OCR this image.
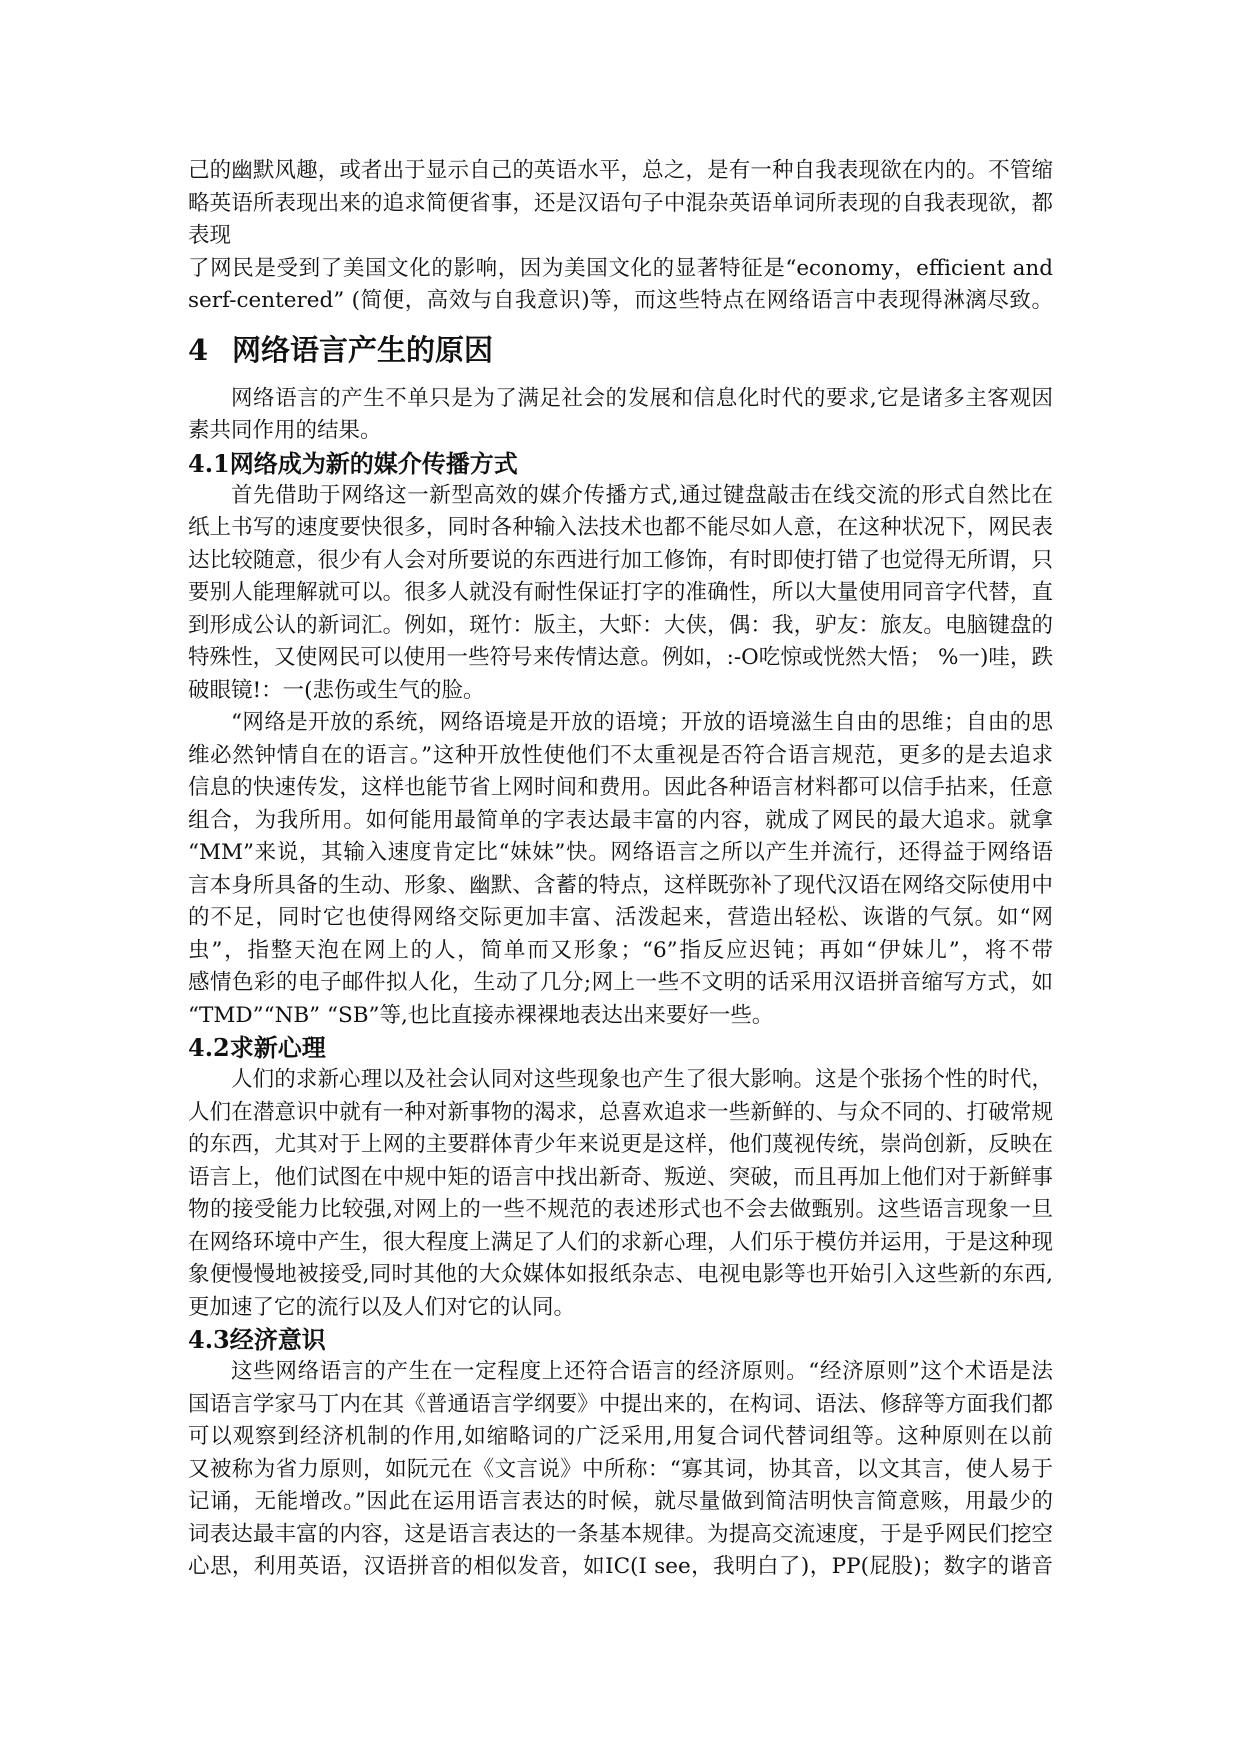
己的幽默风趣，或者出于显示自己的英语水平，总之，是有一种自我表现欲在内的。不管缩
略英语所表现出来的追求简便省事，还是汉语句子中混杂英语单词所表现的自我表现欲，都
表现
了网民是受到了美国文化的影响，因为美国文化的显著特征是“economy，efficient and
serf-centered” (简便，高效与自我意识)等，而这些特点在网络语言中表现得淋漓尽致。
4 网络语言产生的原因
网络语言的产生不单只是为了满足社会的发展和信息化时代的要求,它是诸多主客观因
素共同作用的结果。
4.1网络成为新的媒介传播方式
首先借助于网络这一新型高效的媒介传播方式,通过键盘敲击在线交流的形式自然比在
纸上书写的速度要快很多，同时各种输入法技术也都不能尽如人意，在这种状况下，网民表
达比较随意，很少有人会对所要说的东西进行加工修饰，有时即使打错了也觉得无所谓，只
要别人能理解就可以。很多人就没有耐性保证打字的准确性，所以大量使用同音字代替，直
到形成公认的新词汇。例如，斑竹：版主，大虾：大侠，偶：我，驴友：旅友。电脑键盘的
特殊性，又使网民可以使用一些符号来传情达意。例如，:-O吃惊或恍然大悟； %一)哇，跌
破眼镜!：一(悲伤或生气的脸。
“网络是开放的系统，网络语境是开放的语境；开放的语境滋生自由的思维；自由的思
维必然钟情自在的语言。”这种开放性使他们不太重视是否符合语言规范，更多的是去追求
信息的快速传发，这样也能节省上网时间和费用。因此各种语言材料都可以信手拈来，任意
组合，为我所用。如何能用最简单的字表达最丰富的内容，就成了网民的最大追求。就拿
“MM”来说，其输入速度肯定比“妹妹”快。网络语言之所以产生并流行，还得益于网络语
言本身所具备的生动、形象、幽默、含蓄的特点，这样既弥补了现代汉语在网络交际使用中
的不足，同时它也使得网络交际更加丰富、活泼起来，营造出轻松、诙谐的气氛。如“网
虫”，指整天泡在网上的人，简单而又形象；“6”指反应迟钝；再如“伊妹儿”，将不带
感情色彩的电子邮件拟人化，生动了几分;网上一些不文明的话采用汉语拼音缩写方式，如
“TMD”“NB” “SB”等,也比直接赤裸裸地表达出来要好一些。
4.2求新心理
人们的求新心理以及社会认同对这些现象也产生了很大影响。这是个张扬个性的时代，
人们在潜意识中就有一种对新事物的渴求，总喜欢追求一些新鲜的、与众不同的、打破常规
的东西，尤其对于上网的主要群体青少年来说更是这样，他们蔑视传统，崇尚创新，反映在
语言上，他们试图在中规中矩的语言中找出新奇、叛逆、突破，而且再加上他们对于新鲜事
物的接受能力比较强,对网上的一些不规范的表述形式也不会去做甄别。这些语言现象一旦
在网络环境中产生，很大程度上满足了人们的求新心理，人们乐于模仿并运用，于是这种现
象便慢慢地被接受,同时其他的大众媒体如报纸杂志、电视电影等也开始引入这些新的东西,
更加速了它的流行以及人们对它的认同。
4.3经济意识
这些网络语言的产生在一定程度上还符合语言的经济原则。“经济原则”这个术语是法
国语言学家马丁内在其《普通语言学纲要》中提出来的，在构词、语法、修辞等方面我们都
可以观察到经济机制的作用,如缩略词的广泛采用,用复合词代替词组等。这种原则在以前
又被称为省力原则，如阮元在《文言说》中所称：“寡其词，协其音，以文其言，使人易于
记诵，无能增改。”因此在运用语言表达的时候，就尽量做到简洁明快言简意赅，用最少的
词表达最丰富的内容，这是语言表达的一条基本规律。为提高交流速度，于是乎网民们挖空
心思，利用英语，汉语拼音的相似发音，如IC(I see，我明白了)，PP(屁股)；数字的谐音
